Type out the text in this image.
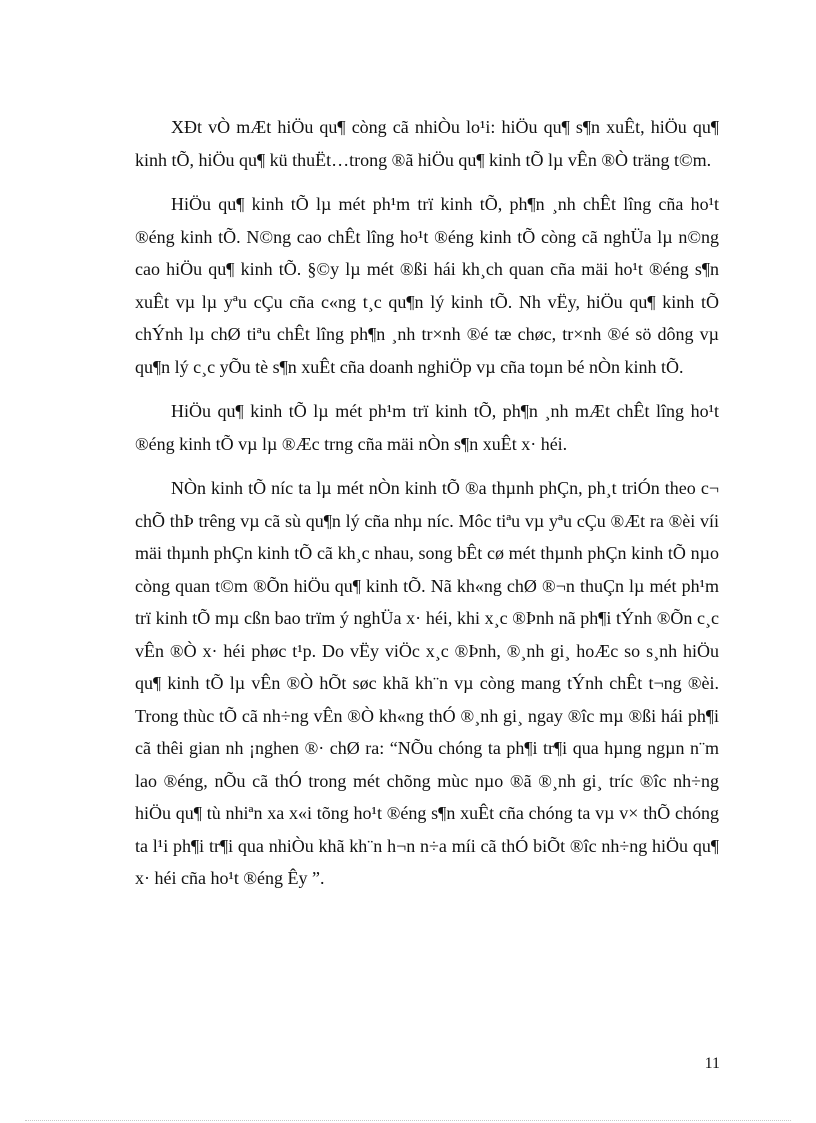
XÐt vÒ mÆt hiÖu qu¶ còng cã nhiÒu lo¹i: hiÖu qu¶ s¶n xuÊt, hiÖu qu¶ kinh tÕ, hiÖu qu¶ kü thuËt…trong ®ã hiÖu qu¶ kinh tÕ lµ vÊn ®Ò träng t©m.

HiÖu qu¶ kinh tÕ lµ mét ph¹m trï kinh tÕ, ph¶n ¸nh chÊt lîng cña ho¹t ®éng kinh tÕ. N©ng cao chÊt lîng ho¹t ®éng kinh tÕ còng cã nghÜa lµ n©ng cao hiÖu qu¶ kinh tÕ. §©y lµ mét ®ßi hái kh¸ch quan cña mäi ho¹t ®éng s¶n xuÊt vµ lµ yªu cÇu cña c«ng t¸c qu¶n lý kinh tÕ. Nh vËy, hiÖu qu¶ kinh tÕ chÝnh lµ chØ tiªu chÊt lîng ph¶n ¸nh tr×nh ®é tæ chøc, tr×nh ®é sö dông vµ qu¶n lý c¸c yÕu tè s¶n xuÊt cña doanh nghiÖp vµ cña toµn bé nÒn kinh tÕ.

HiÖu qu¶ kinh tÕ lµ mét ph¹m trï kinh tÕ, ph¶n ¸nh mÆt chÊt lîng ho¹t ®éng kinh tÕ vµ lµ ®Æc trng cña mäi nÒn s¶n xuÊt x· héi.

NÒn kinh tÕ níc ta lµ mét nÒn kinh tÕ ®a thµnh phÇn, ph¸t triÓn theo c¬ chÕ thÞ trêng vµ cã sù qu¶n lý cña nhµ níc. Môc tiªu vµ yªu cÇu ®Æt ra ®èi víi mäi thµnh phÇn kinh tÕ cã kh¸c nhau, song bÊt cø mét thµnh phÇn kinh tÕ nµo còng quan t©m ®Õn hiÖu qu¶ kinh tÕ. Nã kh«ng chØ ®¬n thuÇn lµ mét ph¹m trï kinh tÕ mµ cßn bao trïm ý nghÜa x· héi, khi x¸c ®Þnh nã ph¶i tÝnh ®Õn c¸c vÊn ®Ò x· héi phøc t¹p. Do vËy viÖc x¸c ®Þnh, ®¸nh gi¸ hoÆc so s¸nh hiÖu qu¶ kinh tÕ lµ vÊn ®Ò hÕt søc khã kh¨n vµ còng mang tÝnh chÊt t¬ng ®èi. Trong thùc tÕ cã nh÷ng vÊn ®Ò kh«ng thÓ ®¸nh gi¸ ngay ®îc mµ ®ßi hái ph¶i cã thêi gian nh ¡nghen ®· chØ ra: “NÕu chóng ta ph¶i tr¶i qua hµng ngµn n¨m lao ®éng, nÕu cã thÓ trong mét chõng mùc nµo ®ã ®¸nh gi¸ tríc ®îc nh÷ng hiÖu qu¶ tù nhiªn xa x«i tõng ho¹t ®éng s¶n xuÊt cña chóng ta vµ v× thÕ chóng ta l¹i ph¶i tr¶i qua nhiÒu khã kh¨n h¬n n÷a míi cã thÓ biÕt ®îc nh÷ng hiÖu qu¶ x· héi cña ho¹t ®éng Êy ”.

11
